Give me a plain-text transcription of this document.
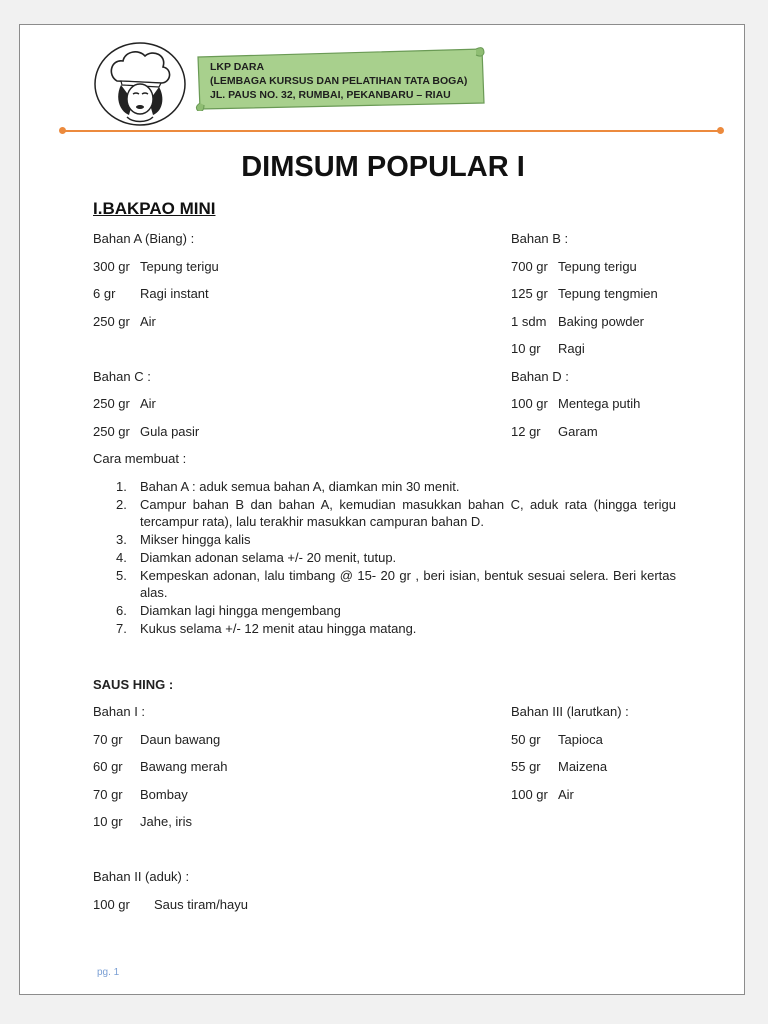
LKP DARA
(LEMBAGA KURSUS DAN PELATIHAN TATA BOGA)
JL. PAUS NO. 32, RUMBAI, PEKANBARU – RIAU
DIMSUM POPULAR I
I.BAKPAO MINI
Bahan A (Biang) :
300 gr Tepung terigu
6 gr Ragi instant
250 gr Air
Bahan B :
700 gr Tepung terigu
125 gr Tepung tengmien
1 sdm Baking powder
10 gr Ragi
Bahan C :
250 gr Air
250 gr Gula pasir
Bahan D :
100 gr Mentega putih
12 gr Garam
Cara membuat :
1.	Bahan A : aduk semua bahan A, diamkan min 30 menit.
2.	Campur bahan B dan bahan A, kemudian masukkan bahan C, aduk rata (hingga terigu tercampur rata), lalu terakhir masukkan campuran bahan D.
3.	Mikser hingga kalis
4.	Diamkan adonan selama +/- 20 menit, tutup.
5.	Kempeskan adonan, lalu timbang @ 15- 20 gr , beri isian, bentuk sesuai selera. Beri kertas alas.
6.	Diamkan lagi hingga mengembang
7.	Kukus selama +/- 12 menit atau hingga matang.
SAUS HING :
Bahan I :
70 gr Daun bawang
60 gr Bawang merah
70 gr Bombay
10 gr Jahe, iris
Bahan III (larutkan) :
50 gr Tapioca
55 gr Maizena
100 gr Air
Bahan II (aduk) :
100 gr Saus tiram/hayu
pg. 1
